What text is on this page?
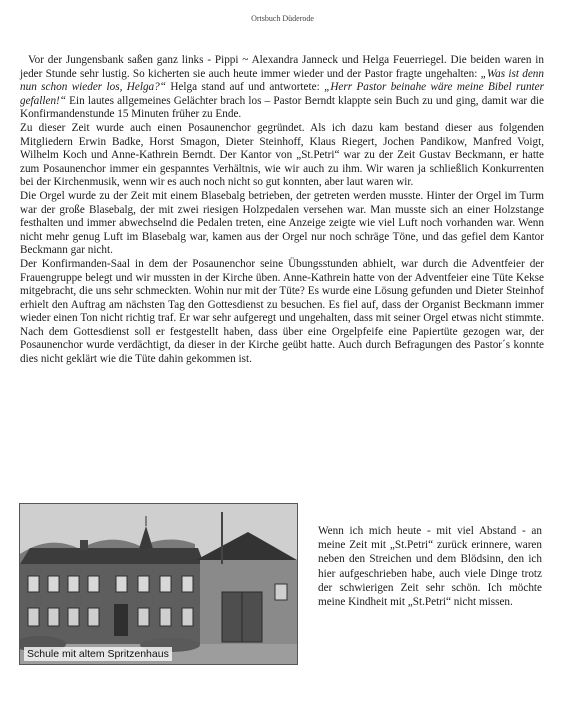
Ortsbuch Düderode

Vor der Jungensbank saßen ganz links - Pippi ~ Alexandra Janneck und Helga Feuerriegel. Die beiden waren in jeder Stunde sehr lustig. So kicherten sie auch heute immer wieder und der Pastor fragte ungehalten: „Was ist denn nun schon wieder los, Helga?“ Helga stand auf und antwortete: „Herr Pastor beinahe wäre meine Bibel runter gefallen!“ Ein lautes allgemeines Gelächter brach los – Pastor Berndt klappte sein Buch zu und ging, damit war die Konfirmandenstunde 15 Minuten früher zu Ende.

Zu dieser Zeit wurde auch einen Posaunenchor gegründet. Als ich dazu kam bestand dieser aus folgenden Mitgliedern Erwin Badke, Horst Smagon, Dieter Steinhoff, Klaus Riegert, Jochen Pandikow, Manfred Voigt, Wilhelm Koch und Anne-Kathrein Berndt. Der Kantor von „St.Petri“ war zu der Zeit Gustav Beckmann, er hatte zum Posaunenchor immer ein gespanntes Verhältnis, wie wir auch zu ihm. Wir waren ja schließlich Konkurrenten bei der Kirchenmusik, wenn wir es auch noch nicht so gut konnten, aber laut waren wir.

Die Orgel wurde zu der Zeit mit einem Blasebalg betrieben, der getreten werden musste. Hinter der Orgel im Turm war der große Blasebalg, der mit zwei riesigen Holzpedalen versehen war. Man musste sich an einer Holzstange festhalten und immer abwechselnd die Pedalen treten, eine Anzeige zeigte wie viel Luft noch vorhanden war. Wenn nicht mehr genug Luft im Blasebalg war, kamen aus der Orgel nur noch schräge Töne, und das gefiel dem Kantor Beckmann gar nicht.

Der Konfirmanden-Saal in dem der Posaunenchor seine Übungsstunden abhielt, war durch die Adventfeier der Frauengruppe belegt und wir mussten in der Kirche üben. Anne-Kathrein hatte von der Adventfeier eine Tüte Kekse mitgebracht, die uns sehr schmeckten. Wohin nur mit der Tüte? Es wurde eine Lösung gefunden und Dieter Steinhof erhielt den Auftrag am nächsten Tag den Gottesdienst zu besuchen. Es fiel auf, dass der Organist Beckmann immer wieder einen Ton nicht richtig traf. Er war sehr aufgeregt und ungehalten, dass mit seiner Orgel etwas nicht stimmte. Nach dem Gottesdienst soll er festgestellt haben, dass über eine Orgelpfeife eine Papiertüte gezogen war, der Posaunenchor wurde verdächtigt, da dieser in der Kirche geübt hatte. Auch durch Befragungen des Pastor´s konnte dies nicht geklärt wie die Tüte dahin gekommen ist.

Schule mit altem Spritzenhaus

Wenn ich mich heute - mit viel Abstand - an meine Zeit mit „St.Petri“ zurück erinnere, waren neben den Streichen und dem Blödsinn, den ich hier aufgeschrieben habe, auch viele Dinge trotz der schwierigen Zeit sehr schön. Ich möchte meine Kindheit mit „St.Petri“ nicht missen.
